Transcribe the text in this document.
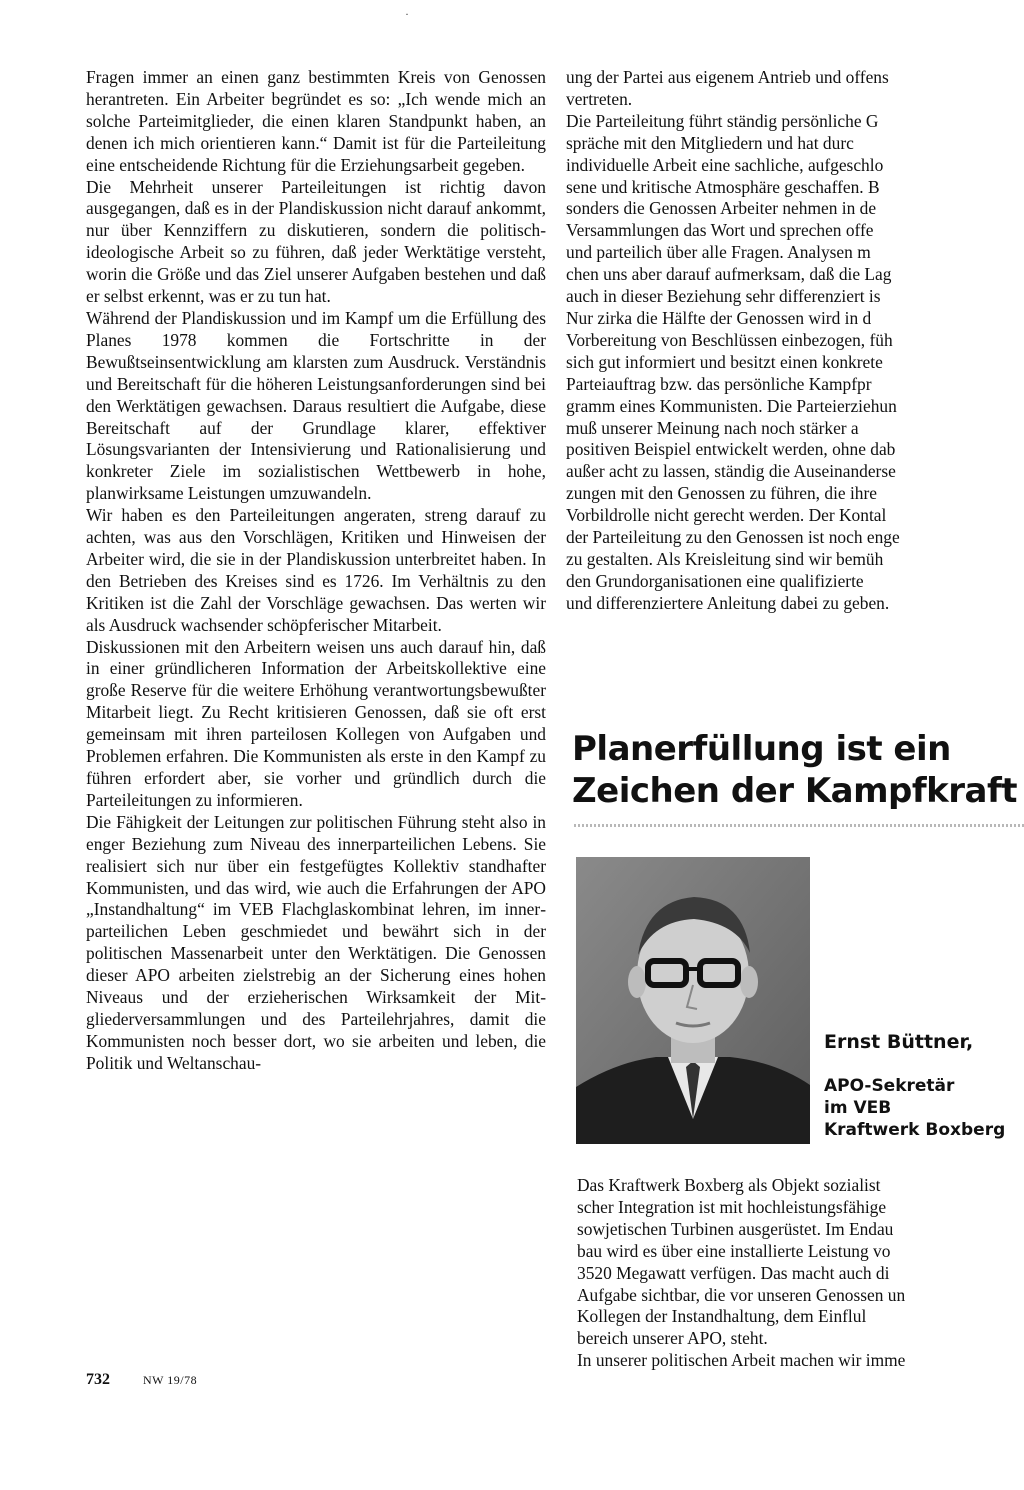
·

Fragen immer an einen ganz bestimmten Kreis von Genossen herantreten. Ein Arbeiter begründet es so: „Ich wende mich an solche Parteimitglieder, die einen klaren Standpunkt haben, an denen ich mich orientieren kann.“ Damit ist für die Parteileitung eine entscheidende Richtung für die Erziehungsarbeit gegeben.

Die Mehrheit unserer Parteileitungen ist richtig davon ausgegangen, daß es in der Plandiskussion nicht darauf ankommt, nur über Kennziffern zu diskutieren, sondern die politisch-ideologische Arbeit so zu führen, daß jeder Werktätige versteht, worin die Größe und das Ziel unserer Aufgaben bestehen und daß er selbst erkennt, was er zu tun hat.

Während der Plandiskussion und im Kampf um die Erfüllung des Planes 1978 kommen die Fortschritte in der Bewußtseinsentwicklung am klarsten zum Ausdruck. Verständnis und Bereitschaft für die höheren Leistungsanforderungen sind bei den Werktätigen gewachsen. Daraus resultiert die Aufgabe, diese Bereitschaft auf der Grundlage klarer, effektiver Lösungsvarianten der Intensivierung und Rationalisierung und konkreter Ziele im sozialistischen Wettbewerb in hohe, planwirksame Leistungen umzuwandeln.

Wir haben es den Parteileitungen angeraten, streng darauf zu achten, was aus den Vorschlägen, Kritiken und Hinweisen der Arbeiter wird, die sie in der Plandiskussion unterbreitet haben. In den Betrieben des Kreises sind es 1726. Im Verhältnis zu den Kritiken ist die Zahl der Vorschläge gewachsen. Das werten wir als Ausdruck wachsender schöpferischer Mitarbeit.

Diskussionen mit den Arbeitern weisen uns auch darauf hin, daß in einer gründlicheren Information der Arbeitskollektive eine große Reserve für die weitere Erhöhung verantwortungsbewußter Mitarbeit liegt. Zu Recht kritisieren Genossen, daß sie oft erst gemeinsam mit ihren parteilosen Kollegen von Aufgaben und Problemen erfahren. Die Kommunisten als erste in den Kampf zu führen erfordert aber, sie vorher und gründlich durch die Parteileitungen zu informieren.

Die Fähigkeit der Leitungen zur politischen Führung steht also in enger Beziehung zum Niveau des innerparteilichen Lebens. Sie realisiert sich nur über ein festgefügtes Kollektiv standhafter Kommunisten, und das wird, wie auch die Erfahrungen der APO „Instandhaltung“ im VEB Flachglaskombinat lehren, im innerparteilichen Leben geschmiedet und bewährt sich in der politischen Massenarbeit unter den Werktätigen. Die Genossen dieser APO arbeiten zielstrebig an der Sicherung eines hohen Niveaus und der erzieherischen Wirksamkeit der Mitgliederversammlungen und des Parteilehrjahres, damit die Kommunisten noch besser dort, wo sie arbeiten und leben, die Politik und Weltanschau-

ung der Partei aus eigenem Antrieb und offens
vertreten.
Die Parteileitung führt ständig persönliche G
spräche mit den Mitgliedern und hat durc
individuelle Arbeit eine sachliche, aufgeschlo
sene und kritische Atmosphäre geschaffen. B
sonders die Genossen Arbeiter nehmen in de
Versammlungen das Wort und sprechen offe
und parteilich über alle Fragen. Analysen m
chen uns aber darauf aufmerksam, daß die Lag
auch in dieser Beziehung sehr differenziert is
Nur zirka die Hälfte der Genossen wird in d
Vorbereitung von Beschlüssen einbezogen, füh
sich gut informiert und besitzt einen konkrete
Parteiauftrag bzw. das persönliche Kampfpr
gramm eines Kommunisten. Die Parteierziehun
muß unserer Meinung nach noch stärker a
positiven Beispiel entwickelt werden, ohne dab
außer acht zu lassen, ständig die Auseinanderse
zungen mit den Genossen zu führen, die ihre
Vorbildrolle nicht gerecht werden. Der Kontal
der Parteileitung zu den Genossen ist noch enge
zu gestalten. Als Kreisleitung sind wir bemüh
den Grundorganisationen eine qualifizierte
und differenziertere Anleitung dabei zu geben.
Planerfüllung ist ein
Zeichen der Kampfkraft

Ernst Büttner,

APO-Sekretär
im VEB
Kraftwerk Boxberg
Das Kraftwerk Boxberg als Objekt sozialist
scher Integration ist mit hochleistungsfähige
sowjetischen Turbinen ausgerüstet. Im Endau
bau wird es über eine installierte Leistung vo
3520 Megawatt verfügen. Das macht auch di
Aufgabe sichtbar, die vor unseren Genossen un
Kollegen der Instandhaltung, dem Einflul
bereich unserer APO, steht.
In unserer politischen Arbeit machen wir imme
732	NW 19/78
